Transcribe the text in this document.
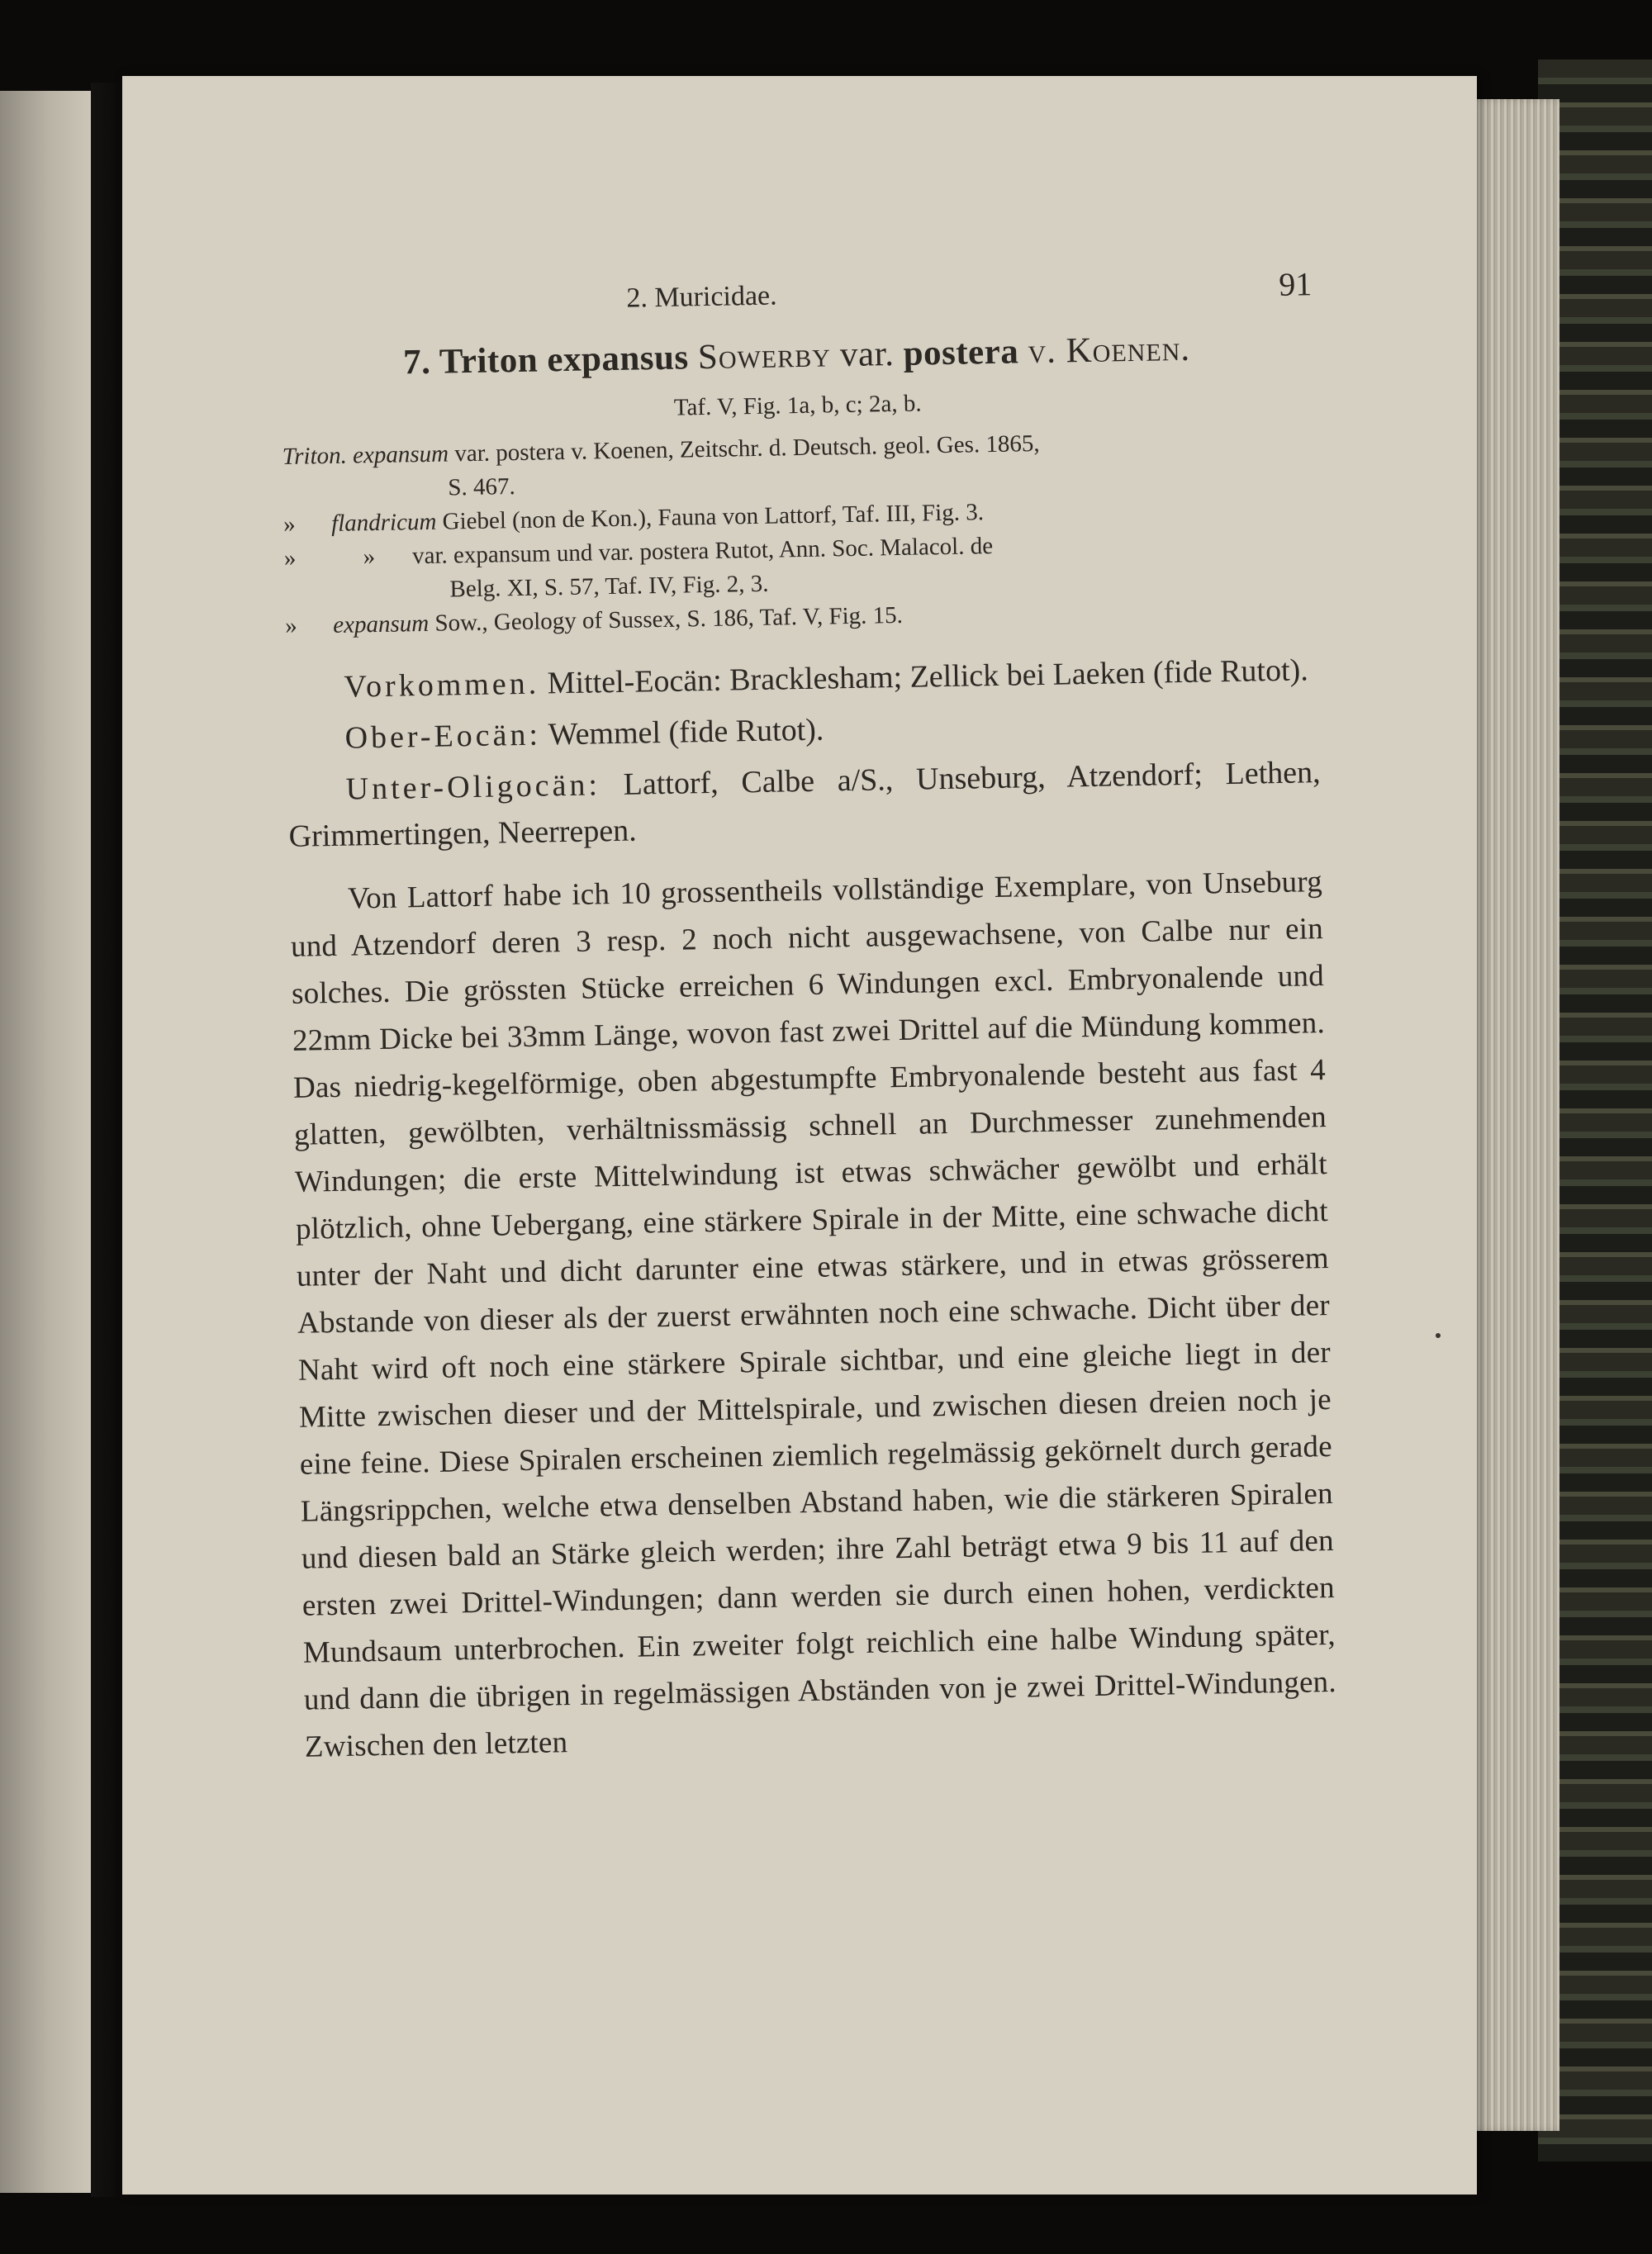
2. Muricidae.	91
7. Triton expansus Sowerby var. postera v. Koenen.
Taf. V, Fig. 1a, b, c; 2a, b.
Triton. expansum var. postera v. Koenen, Zeitschr. d. Deutsch. geol. Ges. 1865,
S. 467.
»	flandricum Giebel (non de Kon.), Fauna von Lattorf, Taf. III, Fig. 3.
»	» var. expansum und var. postera Rutot, Ann. Soc. Malacol. de
Belg. XI, S. 57, Taf. IV, Fig. 2, 3.
»	expansum Sow., Geology of Sussex, S. 186, Taf. V, Fig. 15.

Vorkommen. Mittel-Eocän: Bracklesham; Zellick bei Laeken (fide Rutot).

Ober-Eocän: Wemmel (fide Rutot).

Unter-Oligocän: Lattorf, Calbe a/S., Unseburg, Atzendorf; Lethen, Grimmertingen, Neerrepen.

Von Lattorf habe ich 10 grossentheils vollständige Exemplare, von Unseburg und Atzendorf deren 3 resp. 2 noch nicht ausgewachsene, von Calbe nur ein solches. Die grössten Stücke erreichen 6 Windungen excl. Embryonalende und 22mm Dicke bei 33mm Länge, wovon fast zwei Drittel auf die Mündung kommen. Das niedrig-kegelförmige, oben abgestumpfte Embryonalende besteht aus fast 4 glatten, gewölbten, verhältnissmässig schnell an Durchmesser zunehmenden Windungen; die erste Mittelwindung ist etwas schwächer gewölbt und erhält plötzlich, ohne Uebergang, eine stärkere Spirale in der Mitte, eine schwache dicht unter der Naht und dicht darunter eine etwas stärkere, und in etwas grösserem Abstande von dieser als der zuerst erwähnten noch eine schwache. Dicht über der Naht wird oft noch eine stärkere Spirale sichtbar, und eine gleiche liegt in der Mitte zwischen dieser und der Mittelspirale, und zwischen diesen dreien noch je eine feine. Diese Spiralen erscheinen ziemlich regelmässig gekörnelt durch gerade Längsrippchen, welche etwa denselben Abstand haben, wie die stärkeren Spiralen und diesen bald an Stärke gleich werden; ihre Zahl beträgt etwa 9 bis 11 auf den ersten zwei Drittel-Windungen; dann werden sie durch einen hohen, verdickten Mundsaum unterbrochen. Ein zweiter folgt reichlich eine halbe Windung später, und dann die übrigen in regelmässigen Abständen von je zwei Drittel-Windungen. Zwischen den letzten
